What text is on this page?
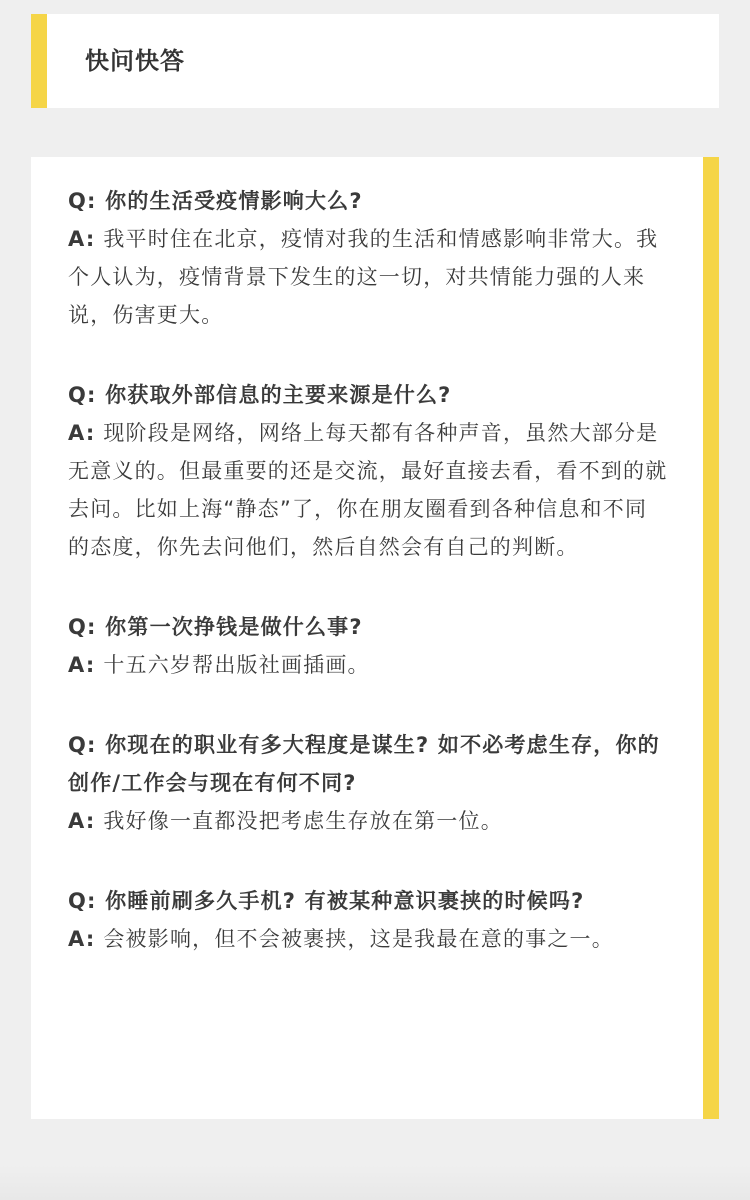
快问快答
Q: 你的生活受疫情影响大么?
A: 我平时住在北京，疫情对我的生活和情感影响非常大。我个人认为，疫情背景下发生的这一切，对共情能力强的人来说，伤害更大。
Q: 你获取外部信息的主要来源是什么?
A: 现阶段是网络，网络上每天都有各种声音，虽然大部分是无意义的。但最重要的还是交流，最好直接去看，看不到的就去问。比如上海“静态”了，你在朋友圈看到各种信息和不同的态度，你先去问他们，然后自然会有自己的判断。
Q: 你第一次挣钱是做什么事?
A: 十五六岁帮出版社画插画。
Q: 你现在的职业有多大程度是谋生? 如不必考虑生存，你的创作/工作会与现在有何不同?
A: 我好像一直都没把考虑生存放在第一位。
Q: 你睡前刷多久手机? 有被某种意识裹挟的时候吗?
A: 会被影响，但不会被裹挟，这是我最在意的事之一。
